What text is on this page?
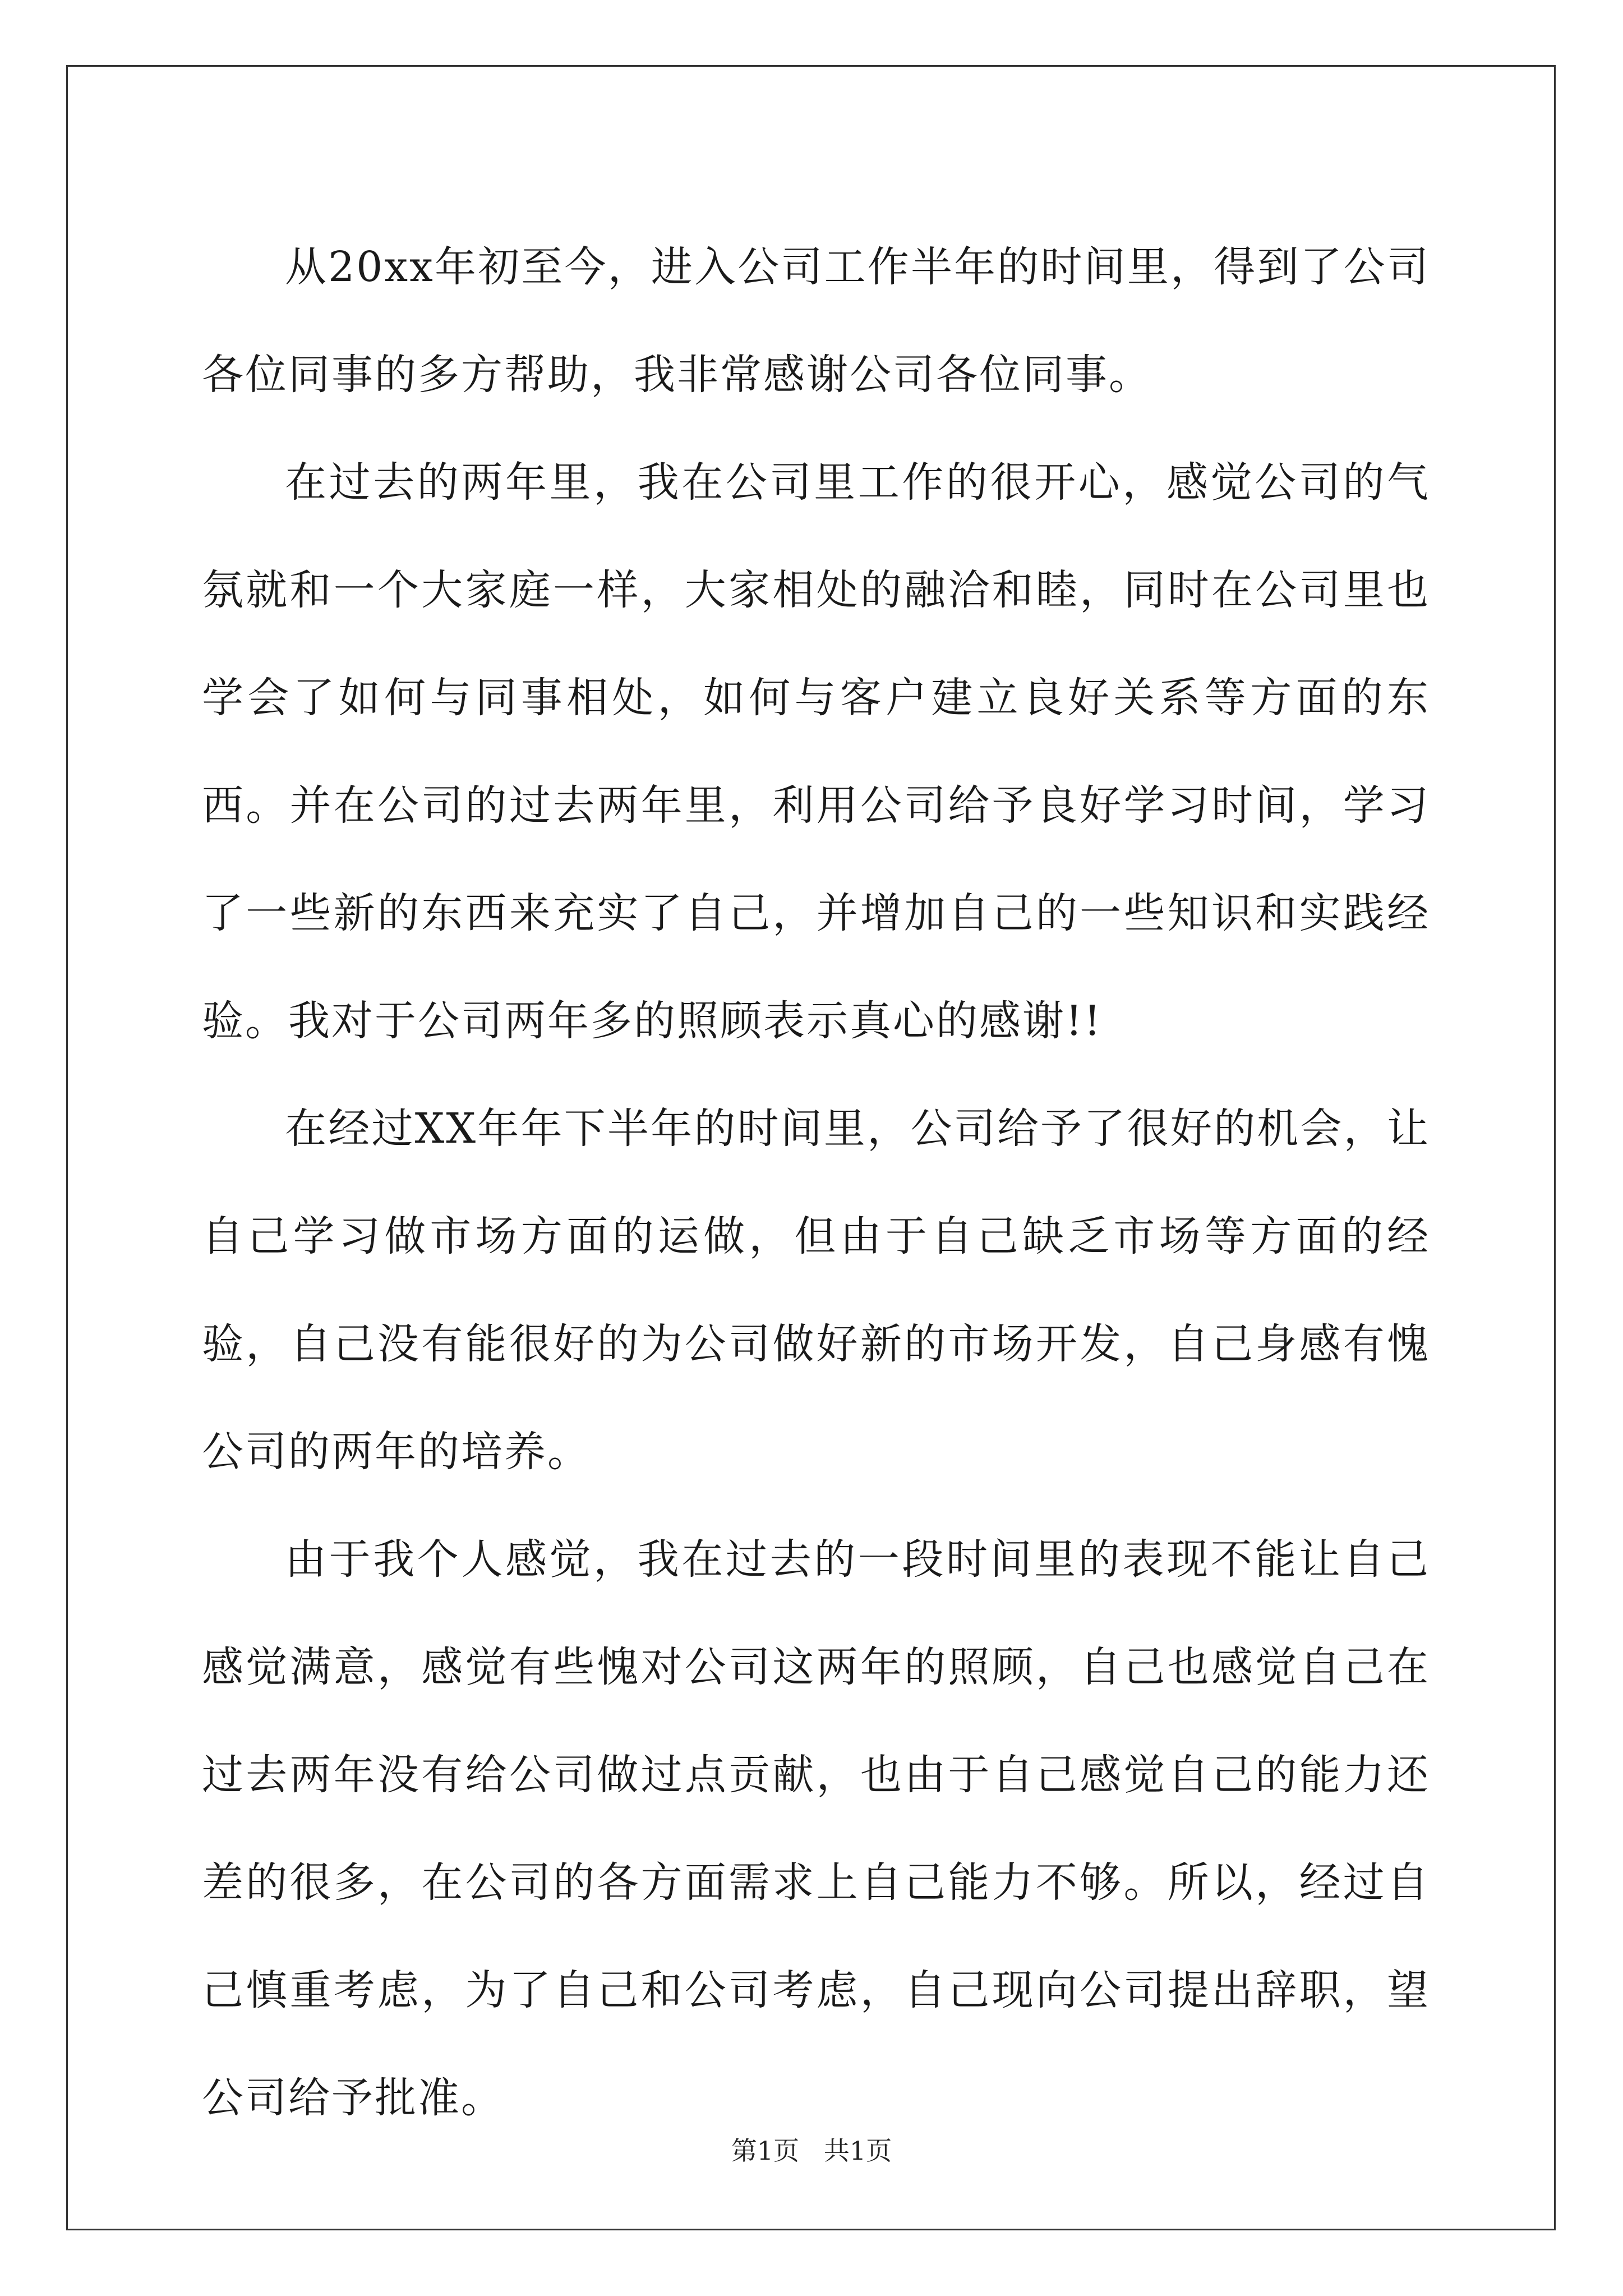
从20xx年初至今，进入公司工作半年的时间里，得到了公司各位同事的多方帮助，我非常感谢公司各位同事。

在过去的两年里，我在公司里工作的很开心，感觉公司的气氛就和一个大家庭一样，大家相处的融洽和睦，同时在公司里也学会了如何与同事相处，如何与客户建立良好关系等方面的东西。并在公司的过去两年里，利用公司给予良好学习时间，学习了一些新的东西来充实了自己，并增加自己的一些知识和实践经验。我对于公司两年多的照顾表示真心的感谢!!

在经过XX年年下半年的时间里，公司给予了很好的机会，让自己学习做市场方面的运做，但由于自己缺乏市场等方面的经验，自己没有能很好的为公司做好新的市场开发，自己身感有愧公司的两年的培养。

由于我个人感觉，我在过去的一段时间里的表现不能让自己感觉满意，感觉有些愧对公司这两年的照顾，自己也感觉自己在过去两年没有给公司做过点贡献，也由于自己感觉自己的能力还差的很多，在公司的各方面需求上自己能力不够。所以，经过自己慎重考虑，为了自己和公司考虑，自己现向公司提出辞职，望公司给予批准。

第1页   共1页
